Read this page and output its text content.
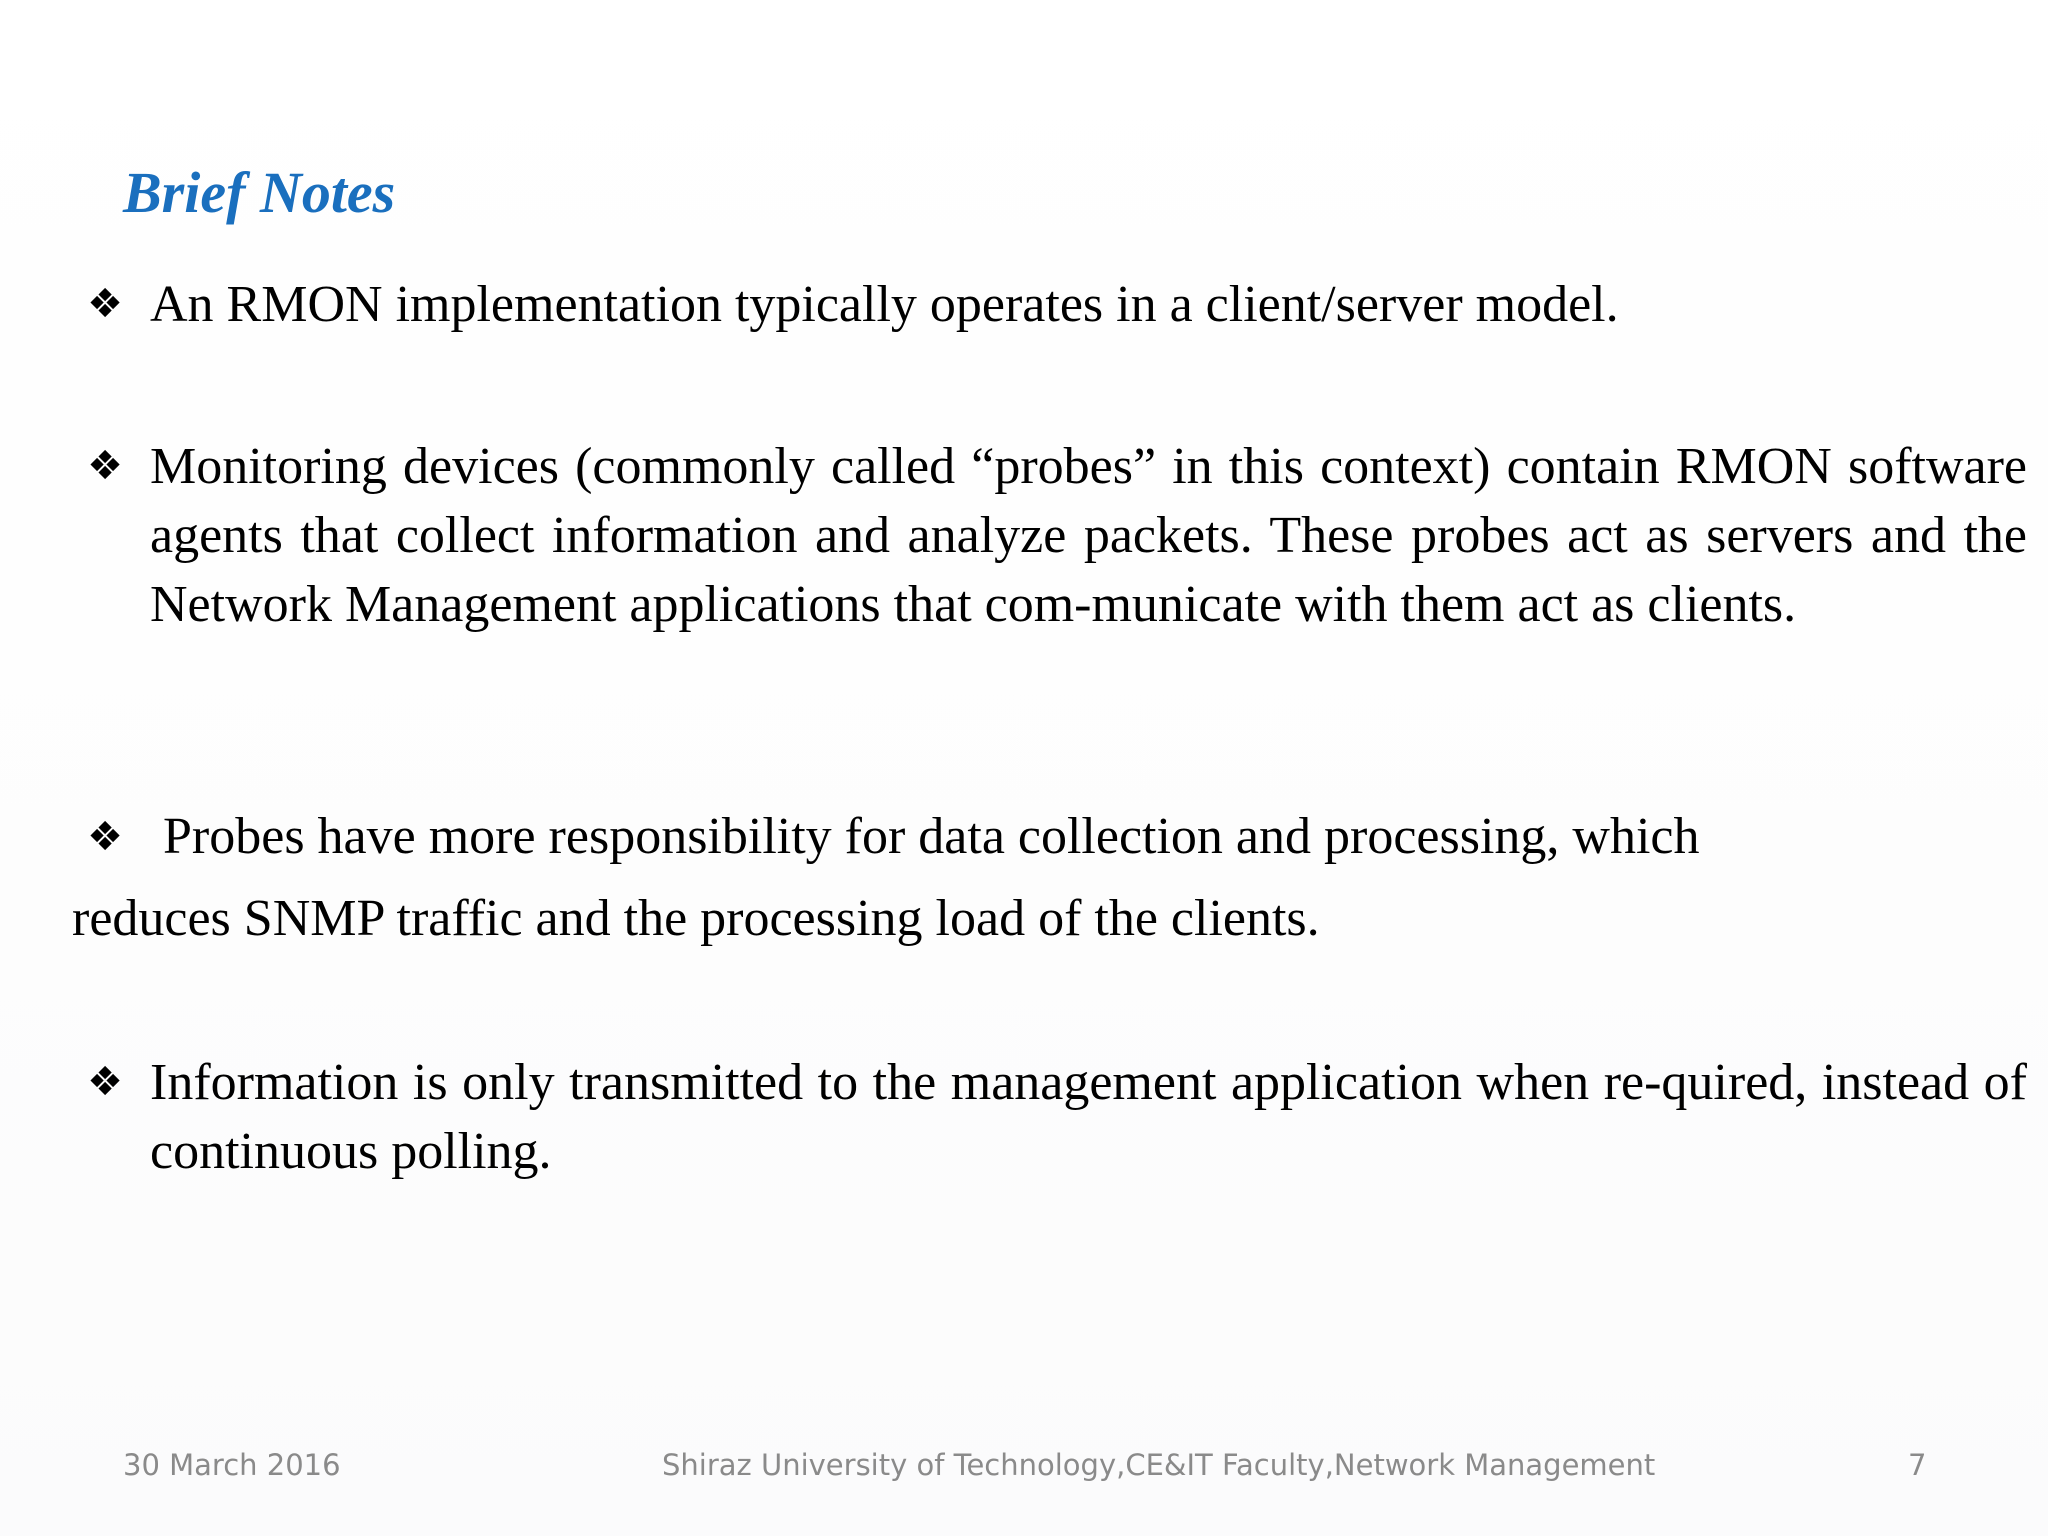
Brief Notes
❖ An RMON implementation typically operates in a client/server model.
❖ Monitoring devices (commonly called “probes” in this context) contain RMON software agents that collect information and analyze packets. These probes act as servers and the Network Management applications that com-municate with them act as clients.
❖ Probes have more responsibility for data collection and processing, which
reduces SNMP traffic and the processing load of the clients.
❖ Information is only transmitted to the management application when re-quired, instead of continuous polling.
30 March 2016	Shiraz University of Technology,CE&IT Faculty,Network Management	7
